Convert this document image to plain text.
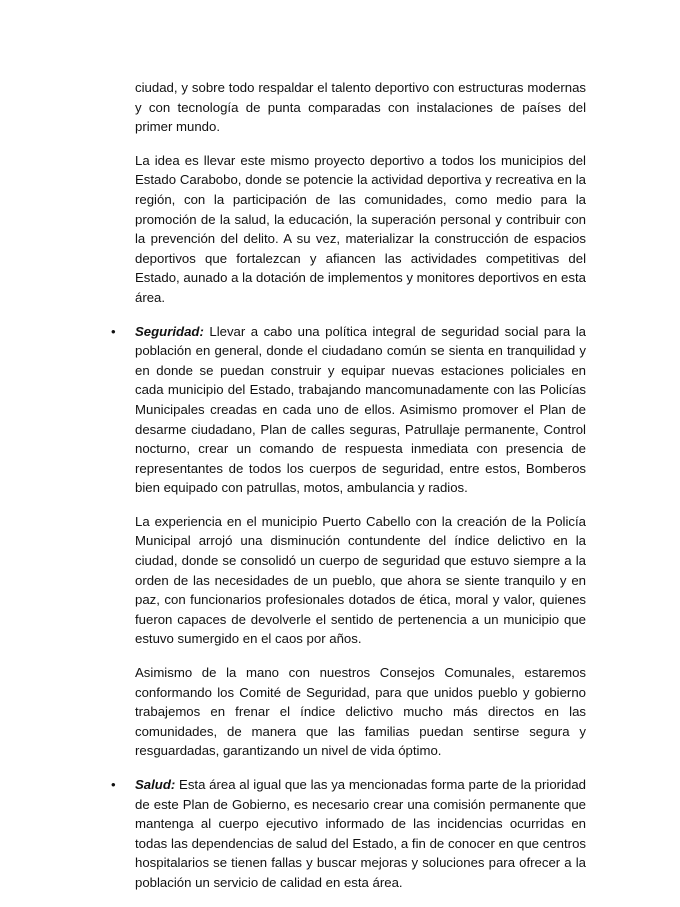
ciudad, y sobre todo respaldar el talento deportivo con estructuras modernas y con tecnología de punta comparadas con instalaciones de países del primer mundo.

La idea es llevar este mismo proyecto deportivo a todos los municipios del Estado Carabobo, donde se potencie la actividad deportiva y recreativa en la región, con la participación de las comunidades, como medio para la promoción de la salud, la educación, la superación personal y contribuir con la prevención del delito. A su vez, materializar la construcción de espacios deportivos que fortalezcan y afiancen las actividades competitivas del Estado, aunado a la dotación de implementos y monitores deportivos en esta área.

• Seguridad: Llevar a cabo una política integral de seguridad social para la población en general, donde el ciudadano común se sienta en tranquilidad y en donde se puedan construir y equipar nuevas estaciones policiales en cada municipio del Estado, trabajando mancomunadamente con las Policías Municipales creadas en cada uno de ellos. Asimismo promover el Plan de desarme ciudadano, Plan de calles seguras, Patrullaje permanente, Control nocturno, crear un comando de respuesta inmediata con presencia de representantes de todos los cuerpos de seguridad, entre estos, Bomberos bien equipado con patrullas, motos, ambulancia y radios.

La experiencia en el municipio Puerto Cabello con la creación de la Policía Municipal arrojó una disminución contundente del índice delictivo en la ciudad, donde se consolidó un cuerpo de seguridad que estuvo siempre a la orden de las necesidades de un pueblo, que ahora se siente tranquilo y en paz, con funcionarios profesionales dotados de ética, moral y valor, quienes fueron capaces de devolverle el sentido de pertenencia a un municipio que estuvo sumergido en el caos por años.

Asimismo de la mano con nuestros Consejos Comunales, estaremos conformando los Comité de Seguridad, para que unidos pueblo y gobierno trabajemos en frenar el índice delictivo mucho más directos en las comunidades, de manera que las familias puedan sentirse segura y resguardadas, garantizando un nivel de vida óptimo.

• Salud: Esta área al igual que las ya mencionadas forma parte de la prioridad de este Plan de Gobierno, es necesario crear una comisión permanente que mantenga al cuerpo ejecutivo informado de las incidencias ocurridas en todas las dependencias de salud del Estado, a fin de conocer en que centros hospitalarios se tienen fallas y buscar mejoras y soluciones para ofrecer a la población un servicio de calidad en esta área.
